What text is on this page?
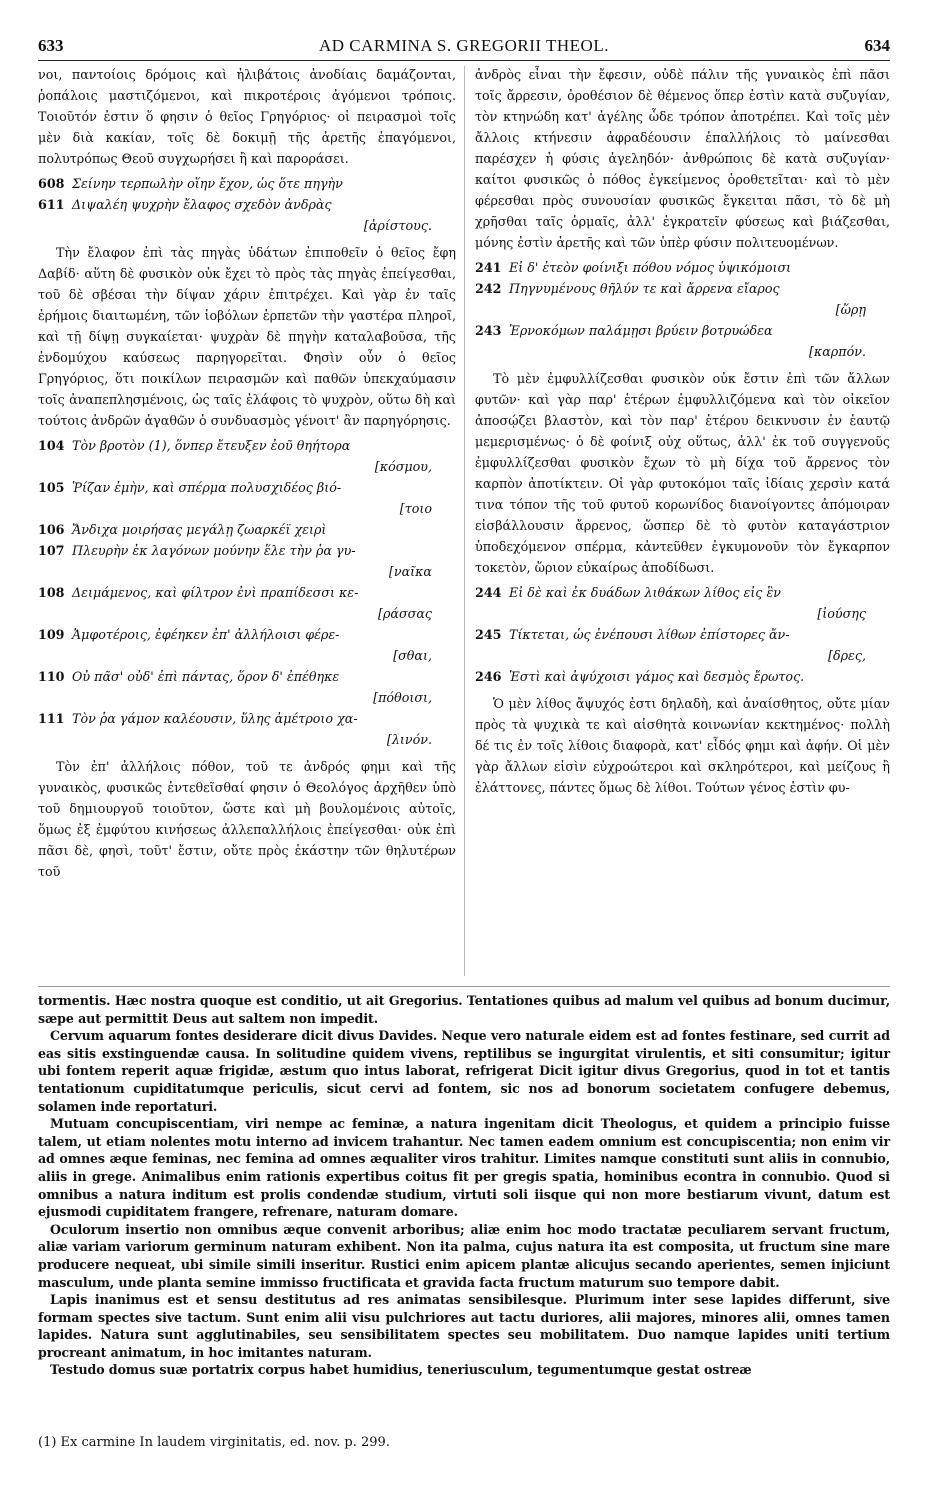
633	AD CARMINA S. GREGORII THEOL.	634

νοι, παντοίοις δρόμοις καὶ ἠλιβάτοις ἀνοδίαις δαμάζονται, ῥοπάλοις μαστιζόμενοι, καὶ πικροτέροις ἀγόμενοι τρόποις. Τοιοῦτόν ἐστιν ὅ φησιν ὁ θεῖος Γρηγόριος· οἱ πειρασμοὶ τοῖς μὲν διὰ κακίαν, τοῖς δὲ δοκιμῇ τῆς ἀρετῆς ἐπαγόμενοι, πολυτρόπως Θεοῦ συγχωρήσει ἢ καὶ παροράσει.

608 Σείνην τερπωλὴν οἵην ἔχον, ὡς ὅτε πηγὴν
611 Διψαλέη ψυχρὴν ἔλαφος σχεδὸν ἀνδρὰς
[ἀρίστους.

Τὴν ἔλαφον ἐπὶ τὰς πηγὰς ὑδάτων ἐπιποθεῖν ὁ θεῖος ἔφη Δαβίδ· αὕτη δὲ φυσικὸν οὐκ ἔχει τὸ πρὸς τὰς πηγὰς ἐπείγεσθαι, τοῦ δὲ σβέσαι τὴν δίψαν χάριν ἐπιτρέχει. Καὶ γὰρ ἐν ταῖς ἐρήμοις διαιτωμένη, τῶν ἰοβόλων ἑρπετῶν τὴν γαστέρα πληροῖ, καὶ τῇ δίψῃ συγκαίεται· ψυχρὰν δὲ πηγὴν καταλαβοῦσα, τῆς ἐνδομύχου καύσεως παρηγορεῖται. Φησὶν οὖν ὁ θεῖος Γρηγόριος, ὅτι ποικίλων πειρασμῶν καὶ παθῶν ὑπεκχαύμασιν τοῖς ἀναπεπλησμένοις, ὡς ταῖς ἐλάφοις τὸ ψυχρὸν, οὕτω δὴ καὶ τούτοις ἀνδρῶν ἀγαθῶν ὁ συνδυασμὸς γένοιτ' ἂν παρηγόρησις.

104 Τὸν βροτὸν (1), ὅνπερ ἔτευξεν ἐοῦ θηήτορα
[κόσμου,
105 Ῥίζαν ἐμὴν, καὶ σπέρμα πολυσχιδέος βιό-
[τοιο
106 Ἄνδιχα μοιρήσας μεγάλῃ ζωαρκέϊ χειρὶ
107 Πλευρὴν ἐκ λαγόνων μούνην ἕλε τὴν ῥα γυ-
[ναῖκα
108 Δειμάμενος, καὶ φίλτρον ἐνὶ πραπίδεσσι κε-
[ράσσας
109 Ἀμφοτέροις, ἐφέηκεν ἐπ' ἀλλήλοισι φέρε-
[σθαι,
110 Οὐ πᾶσ' οὐδ' ἐπὶ πάντας, ὅρον δ' ἐπέθηκε
[πόθοισι,
111 Τὸν ῥα γάμον καλέουσιν, ὕλης ἀμέτροιο χα-
[λινόν.

Τὸν ἐπ' ἀλλήλοις πόθον, τοῦ τε ἀνδρός φημι καὶ τῆς γυναικὸς, φυσικῶς ἐντεθεῖσθαί φησιν ὁ Θεολόγος ἀρχῆθεν ὑπὸ τοῦ δημιουργοῦ τοιοῦτον, ὥστε καὶ μὴ βουλομένοις αὐτοῖς, ὅμως ἐξ ἐμφύτου κινήσεως ἀλλεπαλλήλοις ἐπείγεσθαι· οὐκ ἐπὶ πᾶσι δὲ, φησὶ, τοῦτ' ἔστιν, οὔτε πρὸς ἑκάστην τῶν θηλυτέρων τοῦ

ἀνδρὸς εἶναι τὴν ἔφεσιν, οὐδὲ πάλιν τῆς γυναικὸς ἐπὶ πᾶσι τοῖς ἄρρεσιν, ὁροθέσιον δὲ θέμενος ὅπερ ἐστὶν κατὰ συζυγίαν, τὸν κτηνώδη κατ' ἀγέλης ὧδε τρόπον ἀποτρέπει. Καὶ τοῖς μὲν ἄλλοις κτήνεσιν ἀφραδέουσιν ἐπαλλήλοις τὸ μαίνεσθαι παρέσχεν ἡ φύσις ἀγεληδόν· ἀνθρώποις δὲ κατὰ συζυγίαν· καίτοι φυσικῶς ὁ πόθος ἐγκείμενος ὁροθετεῖται· καὶ τὸ μὲν φέρεσθαι πρὸς συνουσίαν φυσικῶς ἔγκειται πᾶσι, τὸ δὲ μὴ χρῆσθαι ταῖς ὁρμαῖς, ἀλλ' ἐγκρατεῖν φύσεως καὶ βιάζεσθαι, μόνης ἐστὶν ἀρετῆς καὶ τῶν ὑπὲρ φύσιν πολιτευομένων.

241 Εἰ δ' ἐτεὸν φοίνιξι πόθου νόμος ὑψικόμοισι
242 Πηγνυμένους θῆλύν τε καὶ ἄρρενα εἴαρος
[ὥρῃ
243 Ἐρνοκόμων παλάμῃσι βρύειν βοτρυώδεα
[καρπόν.

Τὸ μὲν ἐμφυλλίζεσθαι φυσικὸν οὐκ ἔστιν ἐπὶ τῶν ἄλλων φυτῶν· καὶ γὰρ παρ' ἑτέρων ἐμφυλλιζόμενα καὶ τὸν οἰκεῖον ἀποσῴζει βλαστὸν, καὶ τὸν παρ' ἑτέρου δεικνυσιν ἐν ἑαυτῷ μεμερισμένως· ὁ δὲ φοίνιξ οὐχ οὕτως, ἀλλ' ἐκ τοῦ συγγενοῦς ἐμφυλλίζεσθαι φυσικὸν ἔχων τὸ μὴ δίχα τοῦ ἄρρενος τὸν καρπὸν ἀποτίκτειν. Οἱ γὰρ φυτοκόμοι ταῖς ἰδίαις χερσὶν κατά τινα τόπον τῆς τοῦ φυτοῦ κορωνίδος διανοίγοντες ἀπόμοιραν εἰσβάλλουσιν ἄρρενος, ὥσπερ δὲ τὸ φυτὸν καταγάστριον ὑποδεχόμενον σπέρμα, κἀντεῦθεν ἐγκυμονοῦν τὸν ἔγκαρπον τοκετὸν, ὥριον εὐκαίρως ἀποδίδωσι.

244 Εἰ δὲ καὶ ἐκ δυάδων λιθάκων λίθος εἰς ἓν
[ἰούσης
245 Τίκτεται, ὡς ἐνέπουσι λίθων ἐπίστορες ἄν-
[δρες,
246 Ἐστὶ καὶ ἀψύχοισι γάμος καὶ δεσμὸς ἔρωτος.

Ὁ μὲν λίθος ἄψυχός ἐστι δηλαδὴ, καὶ ἀναίσθητος, οὔτε μίαν πρὸς τὰ ψυχικὰ τε καὶ αἰσθητὰ κοινωνίαν κεκτημένος· πολλὴ δέ τις ἐν τοῖς λίθοις διαφορὰ, κατ' εἶδός φημι καὶ ἀφήν. Οἱ μὲν γὰρ ἄλλων εἰσὶν εὐχροώτεροι καὶ σκληρότεροι, καὶ μείζους ἢ ἐλάττονες, πάντες ὅμως δὲ λίθοι. Τούτων γένος ἐστὶν φυ-

tormentis. Hæc nostra quoque est conditio, ut ait Gregorius. Tentationes quibus ad malum vel quibus ad bonum ducimur, sæpe aut permittit Deus aut saltem non impedit.

Cervum aquarum fontes desiderare dicit divus Davides. Neque vero naturale eidem est ad fontes festinare, sed currit ad eas sitis exstinguendæ causa. In solitudine quidem vivens, reptilibus se ingurgitat virulentis, et siti consumitur; igitur ubi fontem reperit aquæ frigidæ, æstum quo intus laborat, refrigerat Dicit igitur divus Gregorius, quod in tot et tantis tentationum cupiditatumque periculis, sicut cervi ad fontem, sic nos ad bonorum societatem confugere debemus, solamen inde reportaturi.

Mutuam concupiscentiam, viri nempe ac feminæ, a natura ingenitam dicit Theologus, et quidem a principio fuisse talem, ut etiam nolentes motu interno ad invicem trahantur. Nec tamen eadem omnium est concupiscentia; non enim vir ad omnes æque feminas, nec femina ad omnes æqualiter viros trahitur. Limites namque constituti sunt aliis in connubio, aliis in grege. Animalibus enim rationis expertibus coitus fit per gregis spatia, hominibus econtra in connubio. Quod si omnibus a natura inditum est prolis condendæ studium, virtuti soli iisque qui non more bestiarum vivunt, datum est ejusmodi cupiditatem frangere, refrenare, naturam domare.

Oculorum insertio non omnibus æque convenit arboribus; aliæ enim hoc modo tractatæ peculiarem servant fructum, aliæ variam variorum germinum naturam exhibent. Non ita palma, cujus natura ita est composita, ut fructum sine mare producere nequeat, ubi simile simili inseritur. Rustici enim apicem plantæ alicujus secando aperientes, semen injiciunt masculum, unde planta semine immisso fructificata et gravida facta fructum maturum suo tempore dabit.

Lapis inanimus est et sensu destitutus ad res animatas sensibilesque. Plurimum inter sese lapides differunt, sive formam spectes sive tactum. Sunt enim alii visu pulchriores aut tactu duriores, alii majores, minores alii, omnes tamen lapides. Natura sunt agglutinabiles, seu sensibilitatem spectes seu mobilitatem. Duo namque lapides uniti tertium procreant animatum, in hoc imitantes naturam.

Testudo domus suæ portatrix corpus habet humidius, teneriusculum, tegumentumque gestat ostreæ

(1) Ex carmine In laudem virginitatis, ed. nov. p. 299.
